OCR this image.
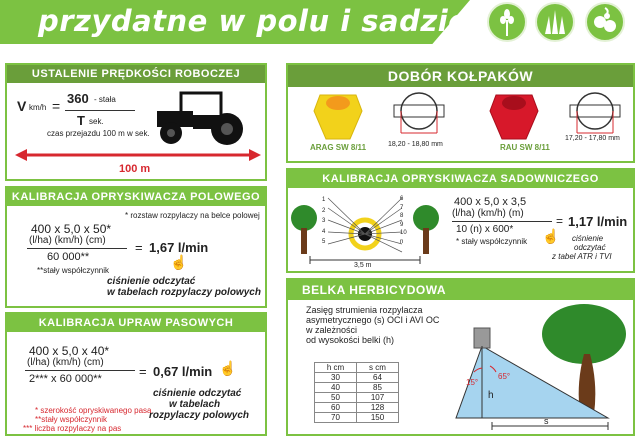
przydatne w polu i sadzie
USTALENIE PRĘDKOŚCI ROBOCZEJ CIĄGNIKA
V km/h = 360 - stała
T sek.
czas przejazdu 100 m w sek.
100 m
KALIBRACJA OPRYSKIWACZA POLOWEGO
* rozstaw rozpylaczy na belce polowej
400 x 5,0 x 50*
(l/ha) (km/h) (cm)
60 000**
= 1,67 l/min
☝
**stały współczynnik
ciśnienie odczytać
w tabelach rozpylaczy polowych
KALIBRACJA UPRAW PASOWYCH
400 x 5,0 x 40*
(l/ha) (km/h) (cm)
2*** x 60 000**	= 0,67 l/min ☝
ciśnienie odczytać
w tabelach
rozpylaczy polowych
* szerokość opryskiwanego pasa
**stały współczynnik
*** liczba rozpylaczy na pas
DOBÓR KOŁPAKÓW
ARAG SW 8/11	18,20 - 18,80 mm	RAU SW 8/11
17,20 - 17,80 mm
KALIBRACJA OPRYSKIWACZA SADOWNICZEGO
1
2
3
4
5
6
7
8
9
10
n
3,5 m
400 x 5,0 x 3,5
(l/ha) (km/h) (m)
10 (n) x 600*
= 1,17 l/min
* stały współczynnik ☝ ciśnienie
odczytać
z tabel ATR i TVI
BELKA HERBICYDOWA
Zasięg strumienia rozpylacza
asymetrycznego (s) OCI i AVI OC
w zależności
od wysokości belki (h)
h cm	s cm
30	64
40	85
50	107
60	128
70	150
15°
65°
h
s
